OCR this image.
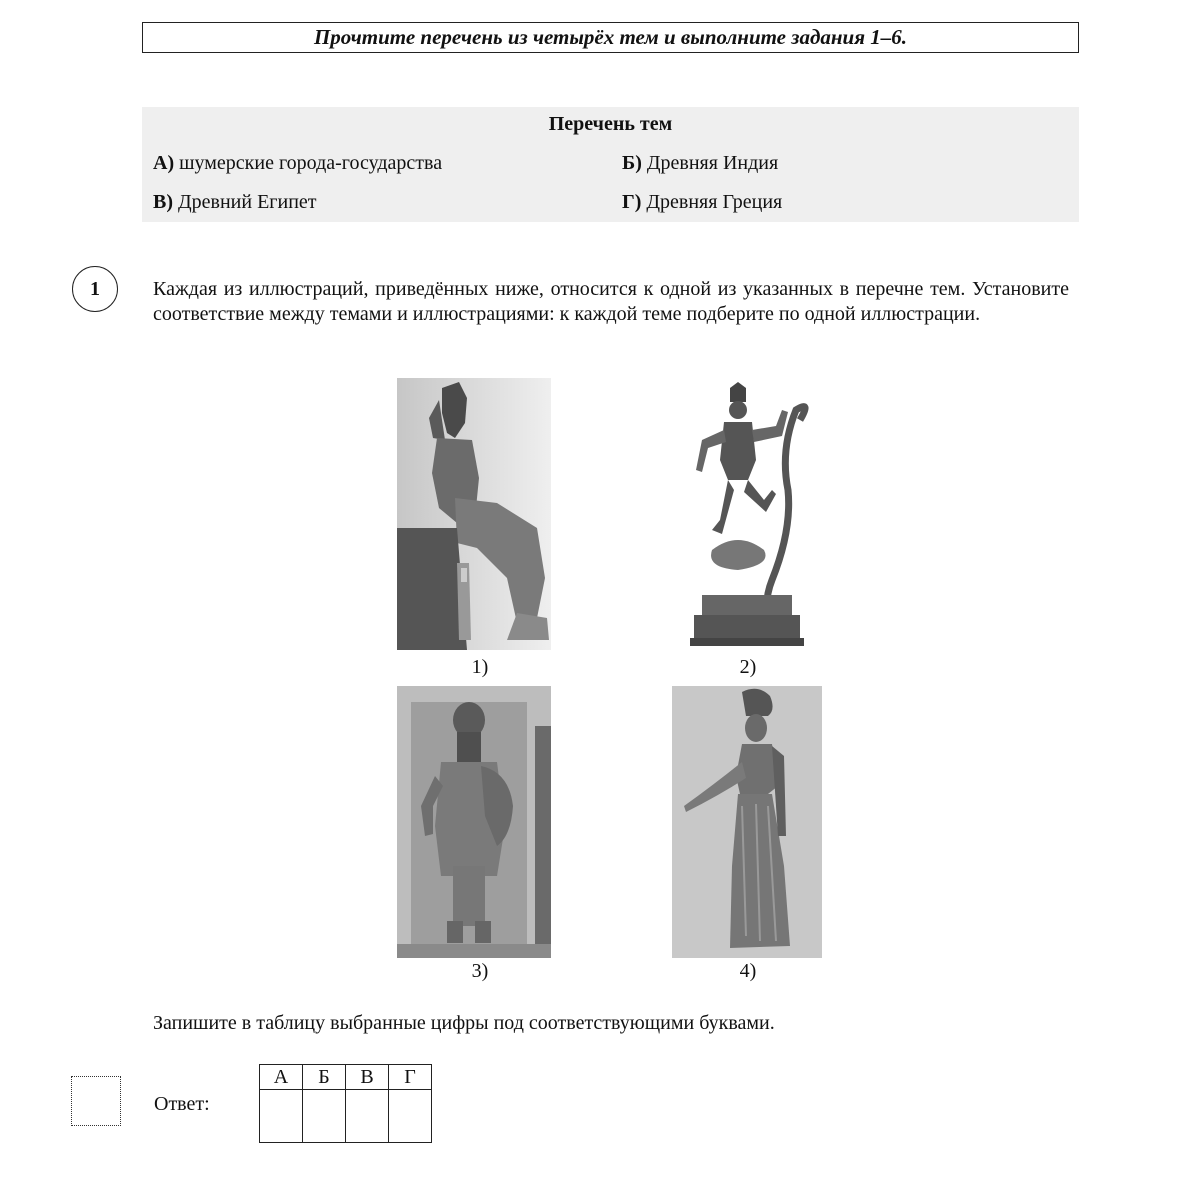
Прочтите перечень из четырёх тем и выполните задания 1–6.
Перечень тем
А) шумерские города-государства	Б) Древняя Индия
В) Древний Египет	Г) Древняя Греция
1	Каждая из иллюстраций, приведённых ниже, относится к одной из указанных в перечне тем. Установите соответствие между темами и иллюстрациями: к каждой теме подберите по одной иллюстрации.
1)	2)
3)	4)
Запишите в таблицу выбранные цифры под соответствующими буквами.
Ответ:
А	Б	В	Г
